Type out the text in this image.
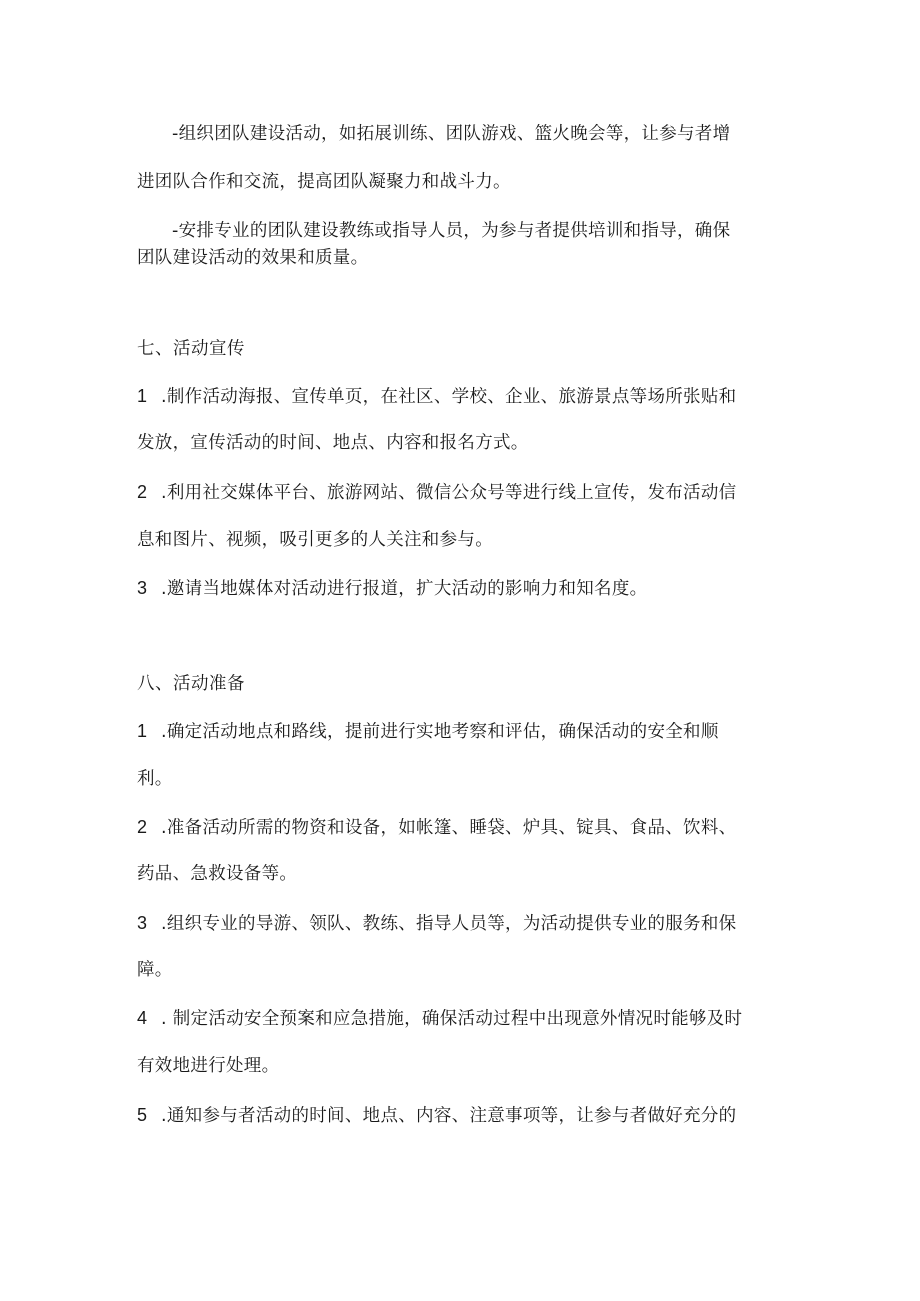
-组织团队建设活动，如拓展训练、团队游戏、篮火晚会等，让参与者增
进团队合作和交流，提高团队凝聚力和战斗力。
-安排专业的团队建设教练或指导人员，为参与者提供培训和指导，确保
团队建设活动的效果和质量。
七、活动宣传
1 .制作活动海报、宣传单页，在社区、学校、企业、旅游景点等场所张贴和
发放，宣传活动的时间、地点、内容和报名方式。
2 .利用社交媒体平台、旅游网站、微信公众号等进行线上宣传，发布活动信
息和图片、视频，吸引更多的人关注和参与。
3 .邀请当地媒体对活动进行报道，扩大活动的影响力和知名度。
八、活动准备
1 .确定活动地点和路线，提前进行实地考察和评估，确保活动的安全和顺
利。
2 .准备活动所需的物资和设备，如帐篷、睡袋、炉具、锭具、食品、饮料、
药品、急救设备等。
3 .组织专业的导游、领队、教练、指导人员等，为活动提供专业的服务和保
障。
4 . 制定活动安全预案和应急措施，确保活动过程中出现意外情况时能够及时
有效地进行处理。
5 .通知参与者活动的时间、地点、内容、注意事项等，让参与者做好充分的
